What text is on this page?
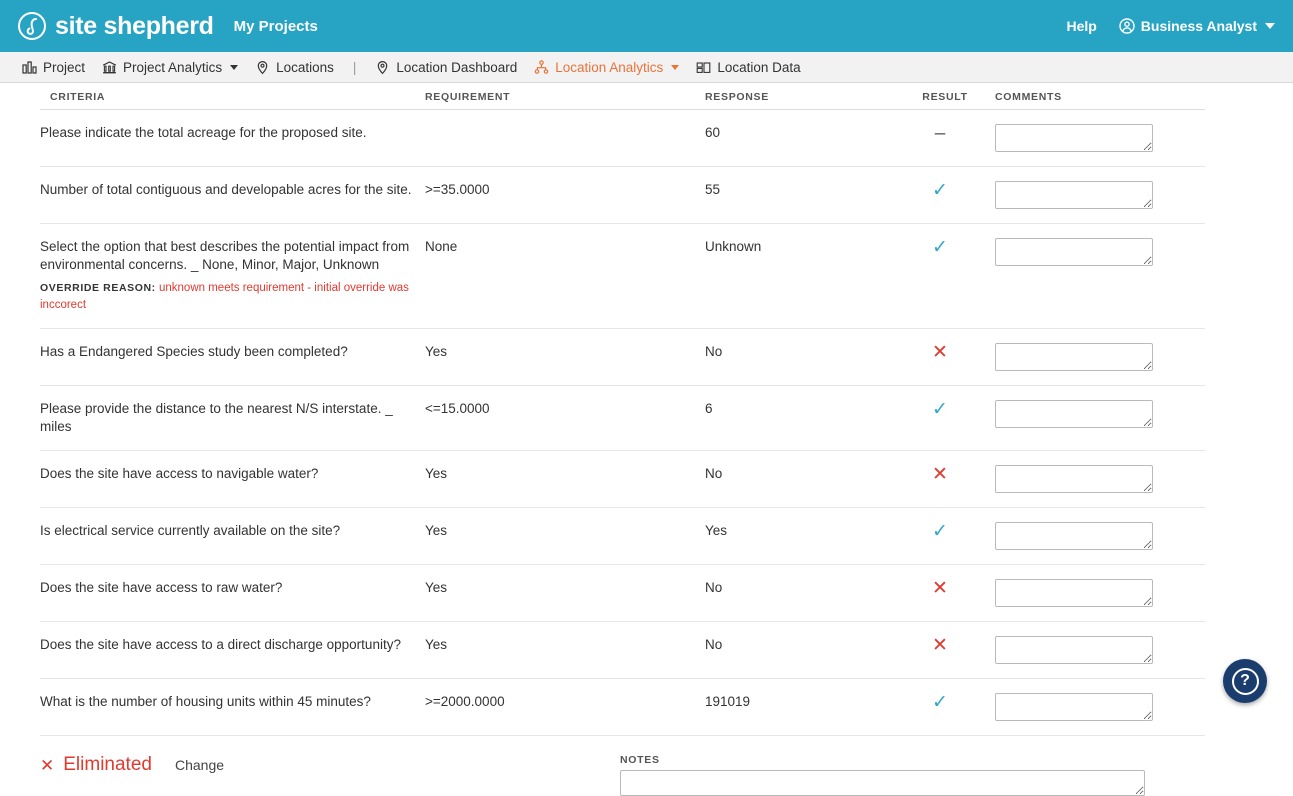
site shepherd My Projects	Help	Business Analyst
Project	Project Analytics	Locations |	Location Dashboard	Location Analytics	Location Data
CRITERIA	REQUIREMENT	RESPONSE	RESULT	COMMENTS
Please indicate the total acreage for the proposed site.		60	–	

Number of total contiguous and developable acres for the site.	>=35.0000	55	✓	

Select the option that best describes the potential impact from environmental concerns. _ None, Minor, Major, Unknown
OVERRIDE REASON: unknown meets requirement - initial override was inccorect	None	Unknown	✓	

Has a Endangered Species study been completed?	Yes	No	✕	

Please provide the distance to the nearest N/S interstate. _ miles	<=15.0000	6	✓	

Does the site have access to navigable water?	Yes	No	✕	

Is electrical service currently available on the site?	Yes	Yes	✓	

Does the site have access to raw water?	Yes	No	✕	

Does the site have access to a direct discharge opportunity?	Yes	No	✕	

What is the number of housing units within 45 minutes?	>=2000.0000	191019	✓	
✕ Eliminated Change	NOTES
?
